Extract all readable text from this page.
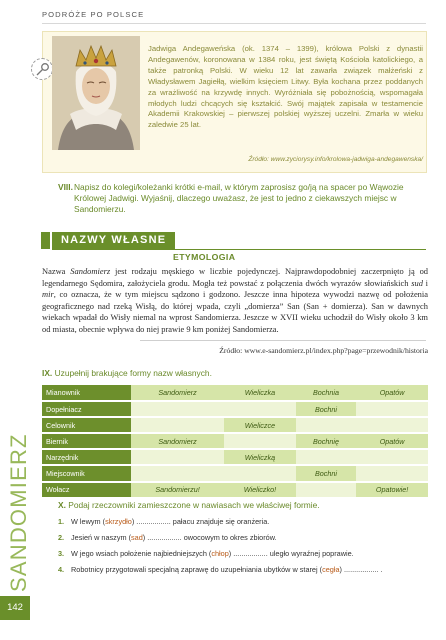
PODRÓŻE PO POLSCE
Jadwiga Andegaweńska (ok. 1374 – 1399), królowa Polski z dynastii Andegawenów, koronowana w 1384 roku, jest świętą Kościoła katolickiego, a także patronką Polski. W wieku 12 lat zawarła związek małżeński z Władysławem Jagiełłą, wielkim księciem Litwy. Była kochana przez poddanych za wrażliwość na krzywdę innych. Wyróżniała się pobożnością, wspomagała młodych ludzi chcących się kształcić. Swój majątek zapisała w testamencie Akademii Krakowskiej – pierwszej polskiej wyższej uczelni. Zmarła w wieku zaledwie 25 lat.
Źródło: www.zyciorysy.info/krolowa-jadwiga-andegawenska/
VIII. Napisz do kolegi/koleżanki krótki e-mail, w którym zaprosisz go/ją na spacer po Wąwozie Królowej Jadwigi. Wyjaśnij, dlaczego uważasz, że jest to jedno z ciekawszych miejsc w Sandomierzu.
NAZWY WŁASNE
ETYMOLOGIA
Nazwa Sandomierz jest rodzaju męskiego w liczbie pojedynczej. Najprawdopodobniej zaczerpnięto ją od legendarnego Sędomira, założyciela grodu. Mogła też powstać z połączenia dwóch wyrazów słowiańskich sud i mir, co oznacza, że w tym miejscu sądzono i godzono. Jeszcze inna hipoteza wywodzi nazwę od położenia geograficznego nad rzeką Wisłą, do której wpada, czyli „domierza” San (San + domierza). San w dawnych wiekach wpadał do Wisły niemal na wprost Sandomierza. Jeszcze w XVII wieku uchodził do Wisły około 3 km od miasta, obecnie wpływa do niej prawie 9 km poniżej Sandomierza.
Źródło: www.e-sandomierz.pl/index.php?page=przewodnik/historia
IX. Uzupełnij brakujące formy nazw własnych.
Mianownik	Sandomierz	Wieliczka	Bochnia	Opatów
Dopełniacz			Bochni	
Celownik		Wieliczce		
Biernik	Sandomierz		Bochnię	Opatów
Narzędnik		Wieliczką		
Miejscownik			Bochni	
Wołacz	Sandomierzu!	Wieliczko!		Opatowie!
SANDOMIERZ	X. Podaj rzeczowniki zamieszczone w nawiasach we właściwej formie.
1. W lewym (skrzydło) ................. pałacu znajduje się oranżeria.
2. Jesień w naszym (sad) ................. owocowym to okres zbiorów.
3. W jego wsiach położenie najbiedniejszych (chłop) ................. uległo wyraźnej poprawie.
4. Robotnicy przygotowali specjalną zaprawę do uzupełniania ubytków w starej (cegła) ................. .
142
